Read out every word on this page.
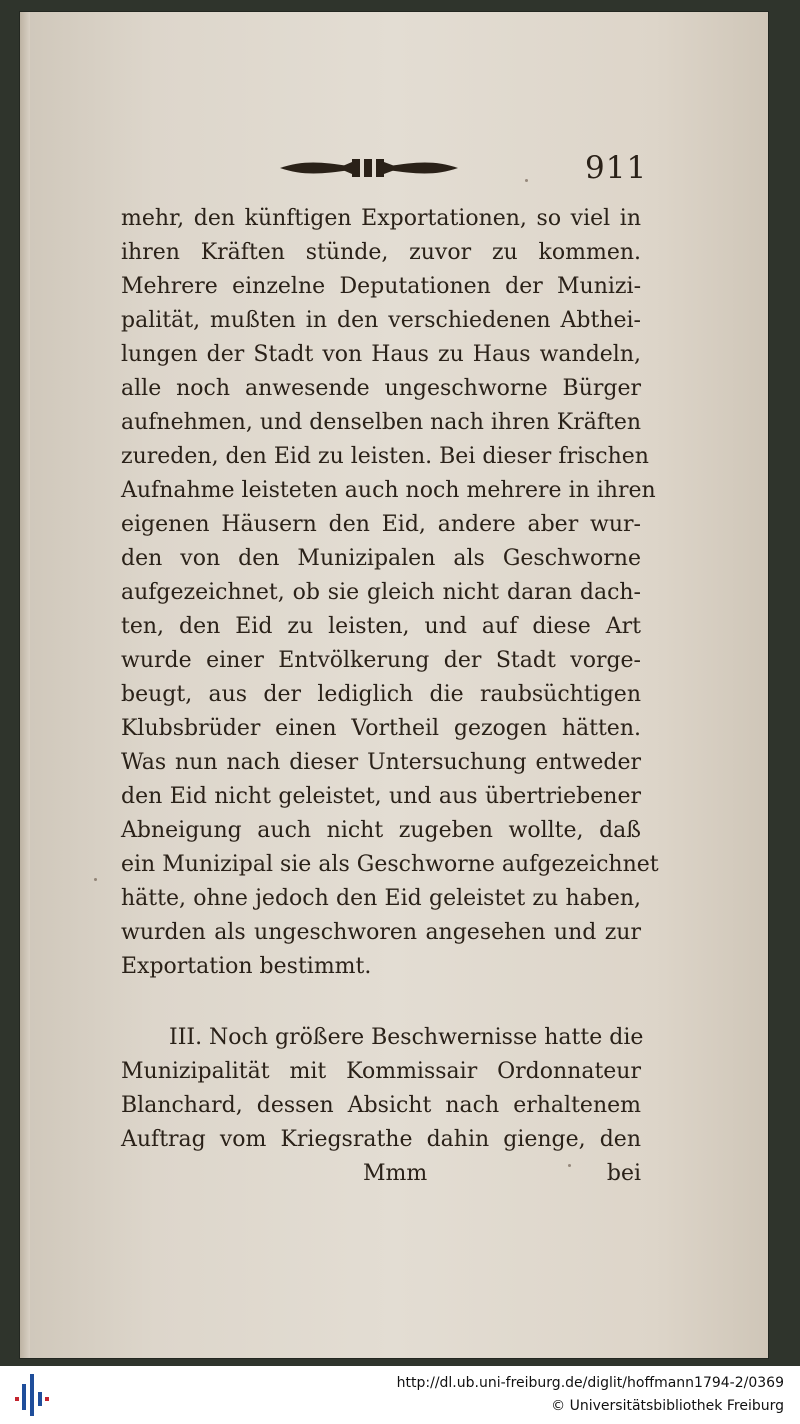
911
mehr, den künftigen Exportationen, so viel in
ihren Kräften stünde, zuvor zu kommen.
Mehrere einzelne Deputationen der Munizi-
palität, mußten in den verschiedenen Abthei-
lungen der Stadt von Haus zu Haus wandeln,
alle noch anwesende ungeschworne Bürger
aufnehmen, und denselben nach ihren Kräften
zureden, den Eid zu leisten. Bei dieser frischen
Aufnahme leisteten auch noch mehrere in ihren
eigenen Häusern den Eid, andere aber wur-
den von den Munizipalen als Geschworne
aufgezeichnet, ob sie gleich nicht daran dach-
ten, den Eid zu leisten, und auf diese Art
wurde einer Entvölkerung der Stadt vorge-
beugt, aus der lediglich die raubsüchtigen
Klubsbrüder einen Vortheil gezogen hätten.
Was nun nach dieser Untersuchung entweder
den Eid nicht geleistet, und aus übertriebener
Abneigung auch nicht zugeben wollte, daß
ein Munizipal sie als Geschworne aufgezeichnet
hätte, ohne jedoch den Eid geleistet zu haben,
wurden als ungeschworen angesehen und zur
Exportation bestimmt.
III. Noch größere Beschwernisse hatte die
Munizipalität mit Kommissair Ordonnateur
Blanchard, dessen Absicht nach erhaltenem
Auftrag vom Kriegsrathe dahin gienge, den
Mmm	bei
http://dl.ub.uni-freiburg.de/diglit/hoffmann1794-2/0369
© Universitätsbibliothek Freiburg
